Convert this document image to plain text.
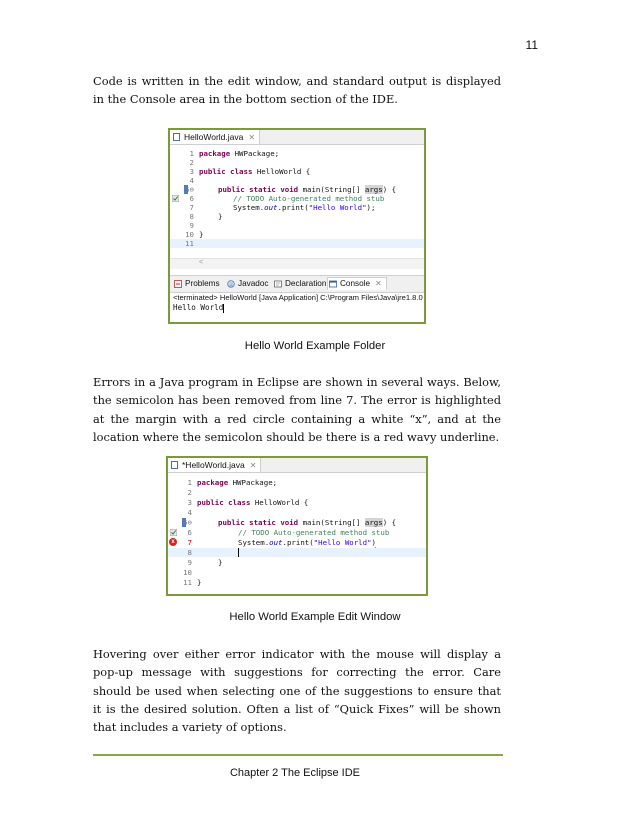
11

Code is written in the edit window, and standard output is displayed in the Console area in the bottom section of the IDE.

HelloWorld.java ✕
1 package HWPackage;
2
3 public class HelloWorld {
4
5⊖	public static void main(String[] args) {
6	// TODO Auto-generated method stub
7	System.out.print("Hello World");
8	}
9
10 }
11
<
Problems @ Javadoc	Declaration	Console ✕
<terminated> HelloWorld [Java Application] C:\Program Files\Java\jre1.8.0
Hello World
Hello World Example Folder

Errors in a Java program in Eclipse are shown in several ways. Below, the semicolon has been removed from line 7. The error is highlighted at the margin with a red circle containing a white “x”, and at the location where the semicolon should be there is a red wavy underline.

*HelloWorld.java ✕
1 package HWPackage;
2
3 public class HelloWorld {
4
5⊖	public static void main(String[] args) {
6	// TODO Auto-generated method stub
x	7	System.out.print("Hello World")
8
9	}
10
11 }
Hello World Example Edit Window

Hovering over either error indicator with the mouse will display a pop-up message with suggestions for correcting the error. Care should be used when selecting one of the suggestions to ensure that it is the desired solution. Often a list of “Quick Fixes” will be shown that includes a variety of options.

Chapter 2 The Eclipse IDE
